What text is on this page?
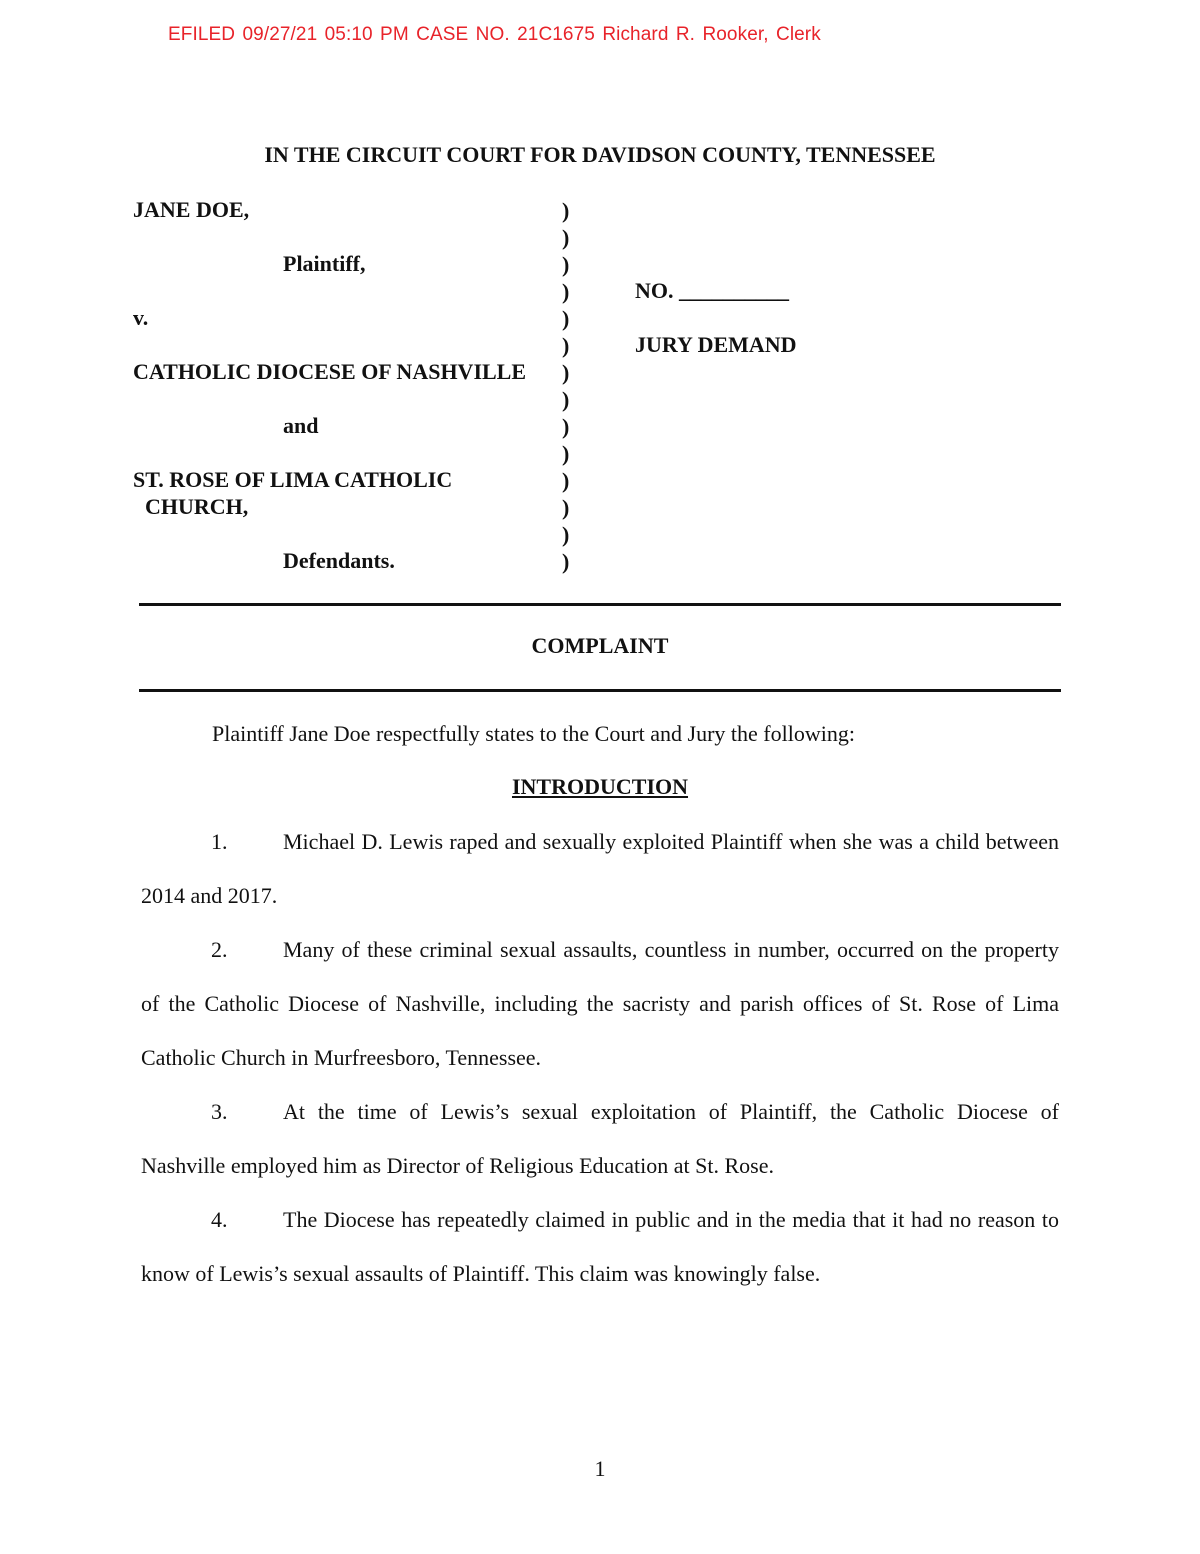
EFILED 09/27/21 05:10 PM CASE NO. 21C1675 Richard R. Rooker, Clerk
IN THE CIRCUIT COURT FOR DAVIDSON COUNTY, TENNESSEE
JANE DOE,
Plaintiff,
v.
CATHOLIC DIOCESE OF NASHVILLE
and
ST. ROSE OF LIMA CATHOLIC
CHURCH,
Defendants.
)
)
)
)
)
)
)
)
)
)
)
)
)
)
NO. __________
JURY DEMAND
COMPLAINT
Plaintiff Jane Doe respectfully states to the Court and Jury the following:
INTRODUCTION
1.	Michael D. Lewis raped and sexually exploited Plaintiff when she was a child between 2014 and 2017.
2.	Many of these criminal sexual assaults, countless in number, occurred on the property of the Catholic Diocese of Nashville, including the sacristy and parish offices of St. Rose of Lima Catholic Church in Murfreesboro, Tennessee.
3.	At the time of Lewis’s sexual exploitation of Plaintiff, the Catholic Diocese of Nashville employed him as Director of Religious Education at St. Rose.
4.	The Diocese has repeatedly claimed in public and in the media that it had no reason to know of Lewis’s sexual assaults of Plaintiff. This claim was knowingly false.
1
